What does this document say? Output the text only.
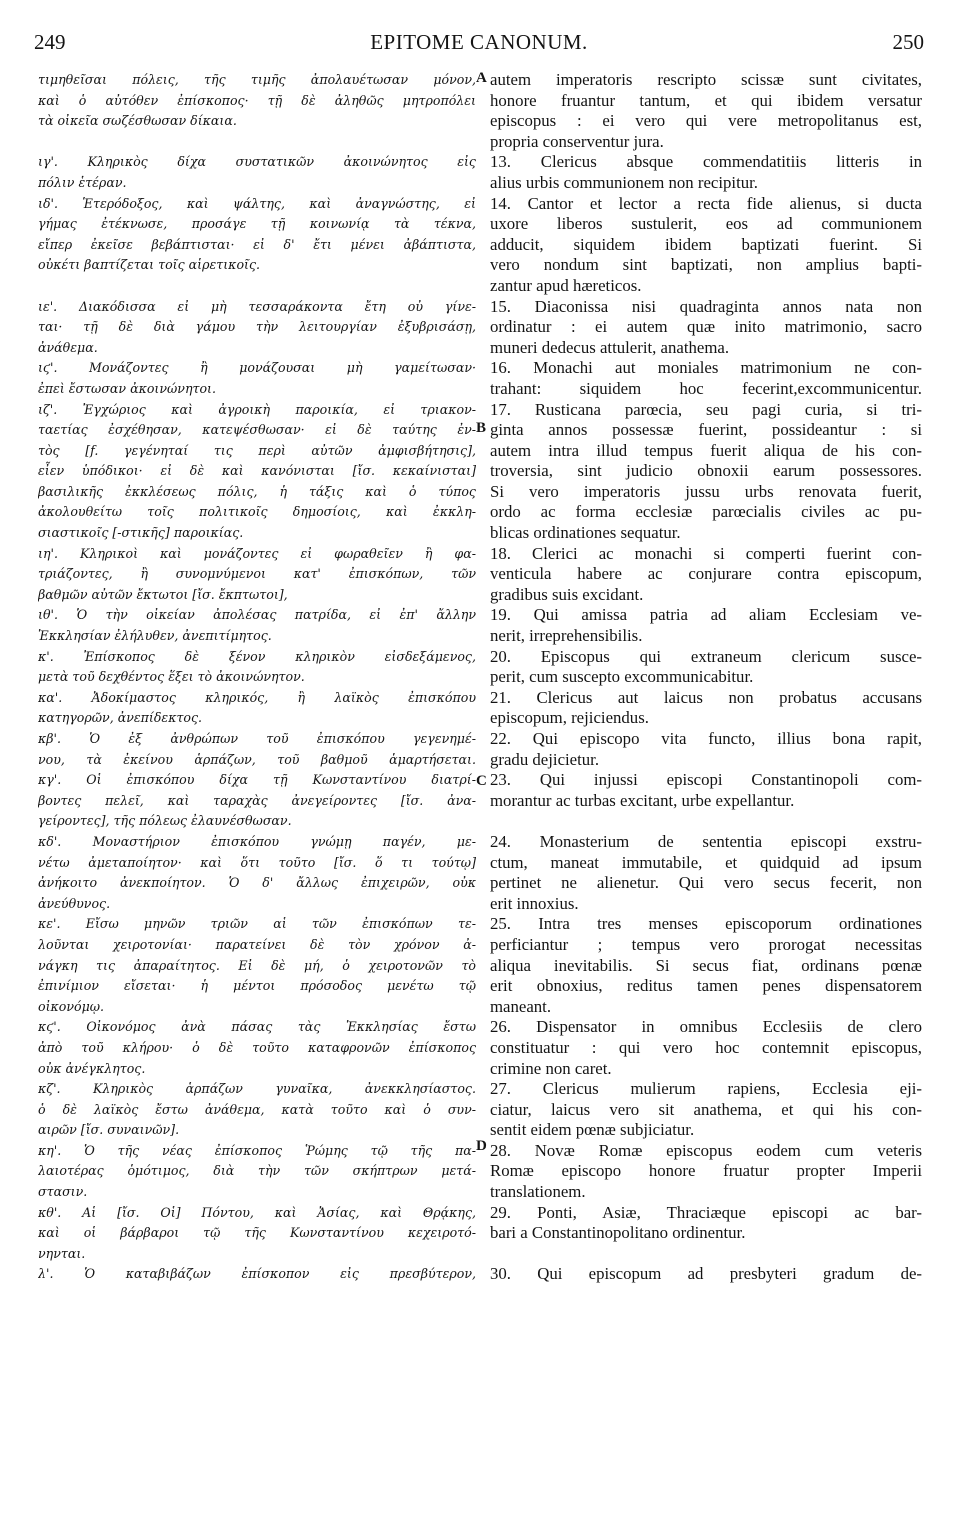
249	EPITOME CANONUM.	250
τιμηθεῖσαι πόλεις, τῆς τιμῆς ἀπολαυέτωσαν μόνον,
καὶ ὁ αὐτόθεν ἐπίσκοπος· τῇ δὲ ἀληθῶς μητροπόλει
τὰ οἰκεῖα σωζέσθωσαν δίκαια.
ιγ'. Κληρικὸς δίχα συστατικῶν ἀκοινώνητος εἰς
πόλιν ἑτέραν.
ιδ'. Ἑτερόδοξος, καὶ ψάλτης, καὶ ἀναγνώστης, εἰ
γήμας ἐτέκνωσε, προσάγε τῇ κοινωνίᾳ τὰ τέκνα,
εἴπερ ἐκεῖσε βεβάπτισται· εἰ δ' ἔτι μένει ἀβάπτιστα,
οὐκέτι βαπτίζεται τοῖς αἱρετικοῖς.
ιε'. Διακόδισσα εἰ μὴ τεσσαράκοντα ἔτη οὐ γίνε-
ται· τῇ δὲ διὰ γάμου τὴν λειτουργίαν ἐξυβρισάσῃ,
ἀνάθεμα.
ιϛ'. Μονάζοντες ἢ μονάζουσαι μὴ γαμείτωσαν·
ἐπεὶ ἔστωσαν ἀκοινώνητοι.
ιζ'. Ἐγχώριος καὶ ἀγροικὴ παροικία, εἰ τριακον-
ταετίας ἐσχέθησαν, κατεψέσθωσαν· εἰ δὲ ταύτης ἐν-
τὸς [f. γεγένηταί τις περὶ αὐτῶν ἀμφισβήτησις],
εἶεν ὑπόδικοι· εἰ δὲ καὶ κανόνισται [ἴσ. κεκαίνισται]
βασιλικῆς ἐκκλέσεως πόλις, ἡ τάξις καὶ ὁ τύπος
ἀκολουθείτω τοῖς πολιτικοῖς δημοσίοις, καὶ ἐκκλη-
σιαστικοῖς [-στικῆς] παροικίας.
ιη'. Κληρικοὶ καὶ μονάζοντες εἰ φωραθεῖεν ἢ φα-
τριάζοντες, ἢ συνομνύμενοι κατ' ἐπισκόπων, τῶν
βαθμῶν αὐτῶν ἔκτωτοι [ἴσ. ἔκπτωτοι],
ιθ'. Ὁ τὴν οἰκείαν ἀπολέσας πατρίδα, εἰ ἐπ' ἄλλην
Ἐκκλησίαν ἐλήλυθεν, ἀνεπιτίμητος.
κ'. Ἐπίσκοπος δὲ ξένον κληρικὸν εἰσδεξάμενος,
μετὰ τοῦ δεχθέντος ἕξει τὸ ἀκοινώνητον.
κα'. Ἀδοκίμαστος κληρικός, ἢ λαϊκὸς ἐπισκόπου
κατηγορῶν, ἀνεπίδεκτος.
κβ'. Ὁ ἐξ ἀνθρώπων τοῦ ἐπισκόπου γεγενημέ-
νου, τὰ ἐκείνου ἁρπάζων, τοῦ βαθμοῦ ἁμαρτήσεται.
κγ'. Οἱ ἐπισκόπου δίχα τῇ Κωνσταντίνου διατρί-
βοντες πελεῖ, καὶ ταραχὰς ἀνεγείροντες [ἴσ. ἀνα-
γείροντες], τῆς πόλεως ἐλαυνέσθωσαν.
κδ'. Μοναστήριον ἐπισκόπου γνώμῃ παγέν, με-
νέτω ἀμεταποίητον· καὶ ὅτι τοῦτο [ἴσ. ὅ τι τούτῳ]
ἀνήκοιτο ἀνεκποίητον. Ὁ δ' ἄλλως ἐπιχειρῶν, οὐκ
ἀνεύθυνος.
κε'. Εἴσω μηνῶν τριῶν αἱ τῶν ἐπισκόπων τε-
λοῦνται χειροτονίαι· παρατείνει δὲ τὸν χρόνον ἀ-
νάγκη τις ἀπαραίτητος. Εἰ δὲ μή, ὁ χειροτονῶν τὸ
ἐπινίμιον εἴσεται· ἡ μέντοι πρόσοδος μενέτω τῷ
οἰκονόμῳ.
κϛ'. Οἰκονόμος ἀνὰ πάσας τὰς Ἐκκλησίας ἔστω
ἀπὸ τοῦ κλήρου· ὁ δὲ τοῦτο καταφρονῶν ἐπίσκοπος
οὐκ ἀνέγκλητος.
κζ'. Κληρικὸς ἁρπάζων γυναῖκα, ἀνεκκλησίαστος.
ὁ δὲ λαϊκὸς ἔστω ἀνάθεμα, κατὰ τοῦτο καὶ ὁ συν-
αιρῶν [ἴσ. συναινῶν].
κη'. Ὁ τῆς νέας ἐπίσκοπος Ῥώμης τῷ τῆς πα-
λαιοτέρας ὁμότιμος, διὰ τὴν τῶν σκήπτρων μετά-
στασιν.
κθ'. Αἱ [ἴσ. Οἱ] Πόντου, καὶ Ἀσίας, καὶ Θρᾴκης,
καὶ οἱ βάρβαροι τῷ τῆς Κωνσταντίνου κεχειροτό-
νηνται.
λ'. Ὁ καταβιβάζων ἐπίσκοπον εἰς πρεσβύτερον,
autem imperatoris rescripto scissæ sunt civitates,
honore fruantur tantum, et qui ibidem versatur
episcopus : ei vero qui vere metropolitanus est,
propria conserventur jura.
13. Clericus absque commendatitiis litteris in
alius urbis communionem non recipitur.
14. Cantor et lector a recta fide alienus, si ducta
uxore liberos sustulerit, eos ad communionem
adducit, siquidem ibidem baptizati fuerint. Si
vero nondum sint baptizati, non amplius bapti-
zantur apud hæreticos.
15. Diaconissa nisi quadraginta annos nata non
ordinatur : ei autem quæ inito matrimonio, sacro
muneri dedecus attulerit, anathema.
16. Monachi aut moniales matrimonium ne con-
trahant: siquidem hoc fecerint,excommunicentur.
17. Rusticana parœcia, seu pagi curia, si tri-
ginta annos possessæ fuerint, possideantur : si
autem intra illud tempus fuerit aliqua de his con-
troversia, sint judicio obnoxii earum possessores.
Si vero imperatoris jussu urbs renovata fuerit,
ordo ac forma ecclesiæ parœcialis civiles ac pu-
blicas ordinationes sequatur.
18. Clerici ac monachi si comperti fuerint con-
venticula habere ac conjurare contra episcopum,
gradibus suis excidant.
19. Qui amissa patria ad aliam Ecclesiam ve-
nerit, irreprehensibilis.
20. Episcopus qui extraneum clericum susce-
perit, cum suscepto excommunicabitur.
21. Clericus aut laicus non probatus accusans
episcopum, rejiciendus.
22. Qui episcopo vita functo, illius bona rapit,
gradu dejicietur.
23. Qui injussi episcopi Constantinopoli com-
morantur ac turbas excitant, urbe expellantur.
24. Monasterium de sententia episcopi exstru-
ctum, maneat immutabile, et quidquid ad ipsum
pertinet ne alienetur. Qui vero secus fecerit, non
erit innoxius.
25. Intra tres menses episcoporum ordinationes
perficiantur ; tempus vero prorogat necessitas
aliqua inevitabilis. Si secus fiat, ordinans pœnæ
erit obnoxius, reditus tamen penes dispensatorem
maneant.
26. Dispensator in omnibus Ecclesiis de clero
constituatur : qui vero hoc contemnit episcopus,
crimine non caret.
27. Clericus mulierum rapiens, Ecclesia eji-
ciatur, laicus vero sit anathema, et qui his con-
sentit eidem pœnæ subjiciatur.
28. Novæ Romæ episcopus eodem cum veteris
Romæ episcopo honore fruatur propter Imperii
translationem.
29. Ponti, Asiæ, Thraciæque episcopi ac bar-
bari a Constantinopolitano ordinentur.
30. Qui episcopum ad presbyteri gradum de-
A
B
C
D
